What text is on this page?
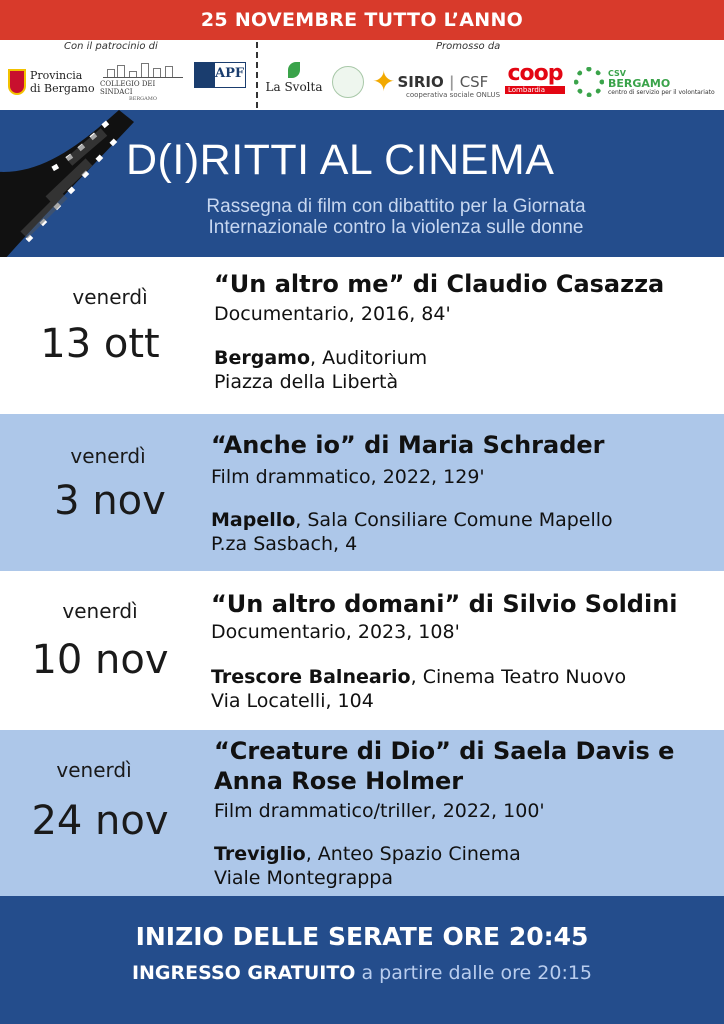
25 NOVEMBRE TUTTO L’ANNO
Con il patrocinio di	Promosso da
Provincia
di Bergamo COLLEGIO DEI SINDACI
BERGAMO
APF
La Svolta ✦ SIRIO | CSF
cooperativa sociale ONLUS
coop
Lombardia
CSV
BERGAMO
centro di servizio per il volontariato
D(I)RITTI AL CINEMA
Rassegna di film con dibattito per la Giornata
Internazionale contro la violenza sulle donne
venerdì
13 ott
“Un altro me” di Claudio Casazza
Documentario, 2016, 84'
Bergamo, Auditorium
Piazza della Libertà
venerdì
3 nov
“Anche io” di Maria Schrader
Film drammatico, 2022, 129'
Mapello, Sala Consiliare Comune Mapello
P.za Sasbach, 4
venerdì
10 nov
“Un altro domani” di Silvio Soldini
Documentario, 2023, 108'
Trescore Balneario, Cinema Teatro Nuovo
Via Locatelli, 104
venerdì
24 nov
“Creature di Dio” di Saela Davis e
Anna Rose Holmer
Film drammatico/triller, 2022, 100'
Treviglio, Anteo Spazio Cinema
Viale Montegrappa
INIZIO DELLE SERATE ORE 20:45
INGRESSO GRATUITO a partire dalle ore 20:15
